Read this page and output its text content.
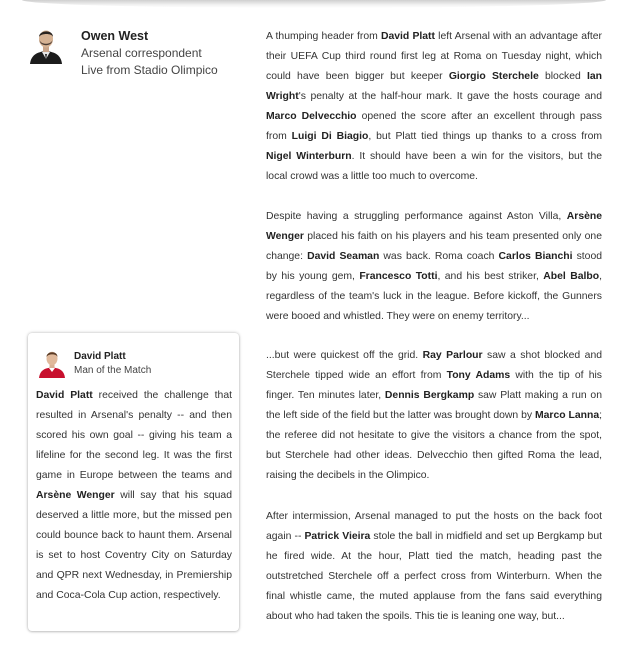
Owen West
Arsenal correspondent
Live from Stadio Olimpico
David Platt
Man of the Match

David Platt received the challenge that resulted in Arsenal's penalty -- and then scored his own goal -- giving his team a lifeline for the second leg. It was the first game in Europe between the teams and Arsène Wenger will say that his squad deserved a little more, but the missed pen could bounce back to haunt them. Arsenal is set to host Coventry City on Saturday and QPR next Wednesday, in Premiership and Coca-Cola Cup action, respectively.

A thumping header from David Platt left Arsenal with an advantage after their UEFA Cup third round first leg at Roma on Tuesday night, which could have been bigger but keeper Giorgio Sterchele blocked Ian Wright's penalty at the half-hour mark. It gave the hosts courage and Marco Delvecchio opened the score after an excellent through pass from Luigi Di Biagio, but Platt tied things up thanks to a cross from Nigel Winterburn. It should have been a win for the visitors, but the local crowd was a little too much to overcome.

Despite having a struggling performance against Aston Villa, Arsène Wenger placed his faith on his players and his team presented only one change: David Seaman was back. Roma coach Carlos Bianchi stood by his young gem, Francesco Totti, and his best striker, Abel Balbo, regardless of the team's luck in the league. Before kickoff, the Gunners were booed and whistled. They were on enemy territory...

...but were quickest off the grid. Ray Parlour saw a shot blocked and Sterchele tipped wide an effort from Tony Adams with the tip of his finger. Ten minutes later, Dennis Bergkamp saw Platt making a run on the left side of the field but the latter was brought down by Marco Lanna; the referee did not hesitate to give the visitors a chance from the spot, but Sterchele had other ideas. Delvecchio then gifted Roma the lead, raising the decibels in the Olimpico.

After intermission, Arsenal managed to put the hosts on the back foot again -- Patrick Vieira stole the ball in midfield and set up Bergkamp but he fired wide. At the hour, Platt tied the match, heading past the outstretched Sterchele off a perfect cross from Winterburn. When the final whistle came, the muted applause from the fans said everything about who had taken the spoils. This tie is leaning one way, but...
